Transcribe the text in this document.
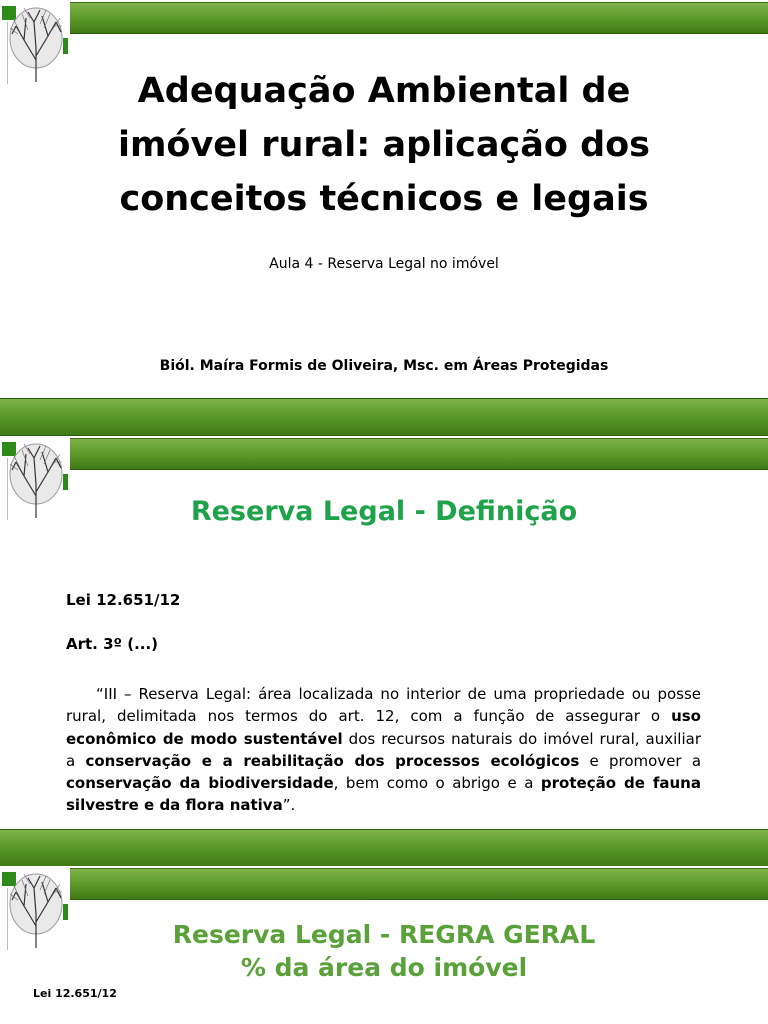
Adequação Ambiental de
imóvel rural: aplicação dos
conceitos técnicos e legais
Aula 4 - Reserva Legal no imóvel
Biól. Maíra Formis de Oliveira, Msc. em Áreas Protegidas
Reserva Legal - Definição
Lei 12.651/12
Art. 3º (...)
“III – Reserva Legal: área localizada no interior de uma propriedade ou posse rural, delimitada nos termos do art. 12, com a função de assegurar o uso econômico de modo sustentável dos recursos naturais do imóvel rural, auxiliar a conservação e a reabilitação dos processos ecológicos e promover a conservação da biodiversidade, bem como o abrigo e a proteção de fauna silvestre e da flora nativa”.
Reserva Legal - REGRA GERAL
% da área do imóvel
Lei 12.651/12
